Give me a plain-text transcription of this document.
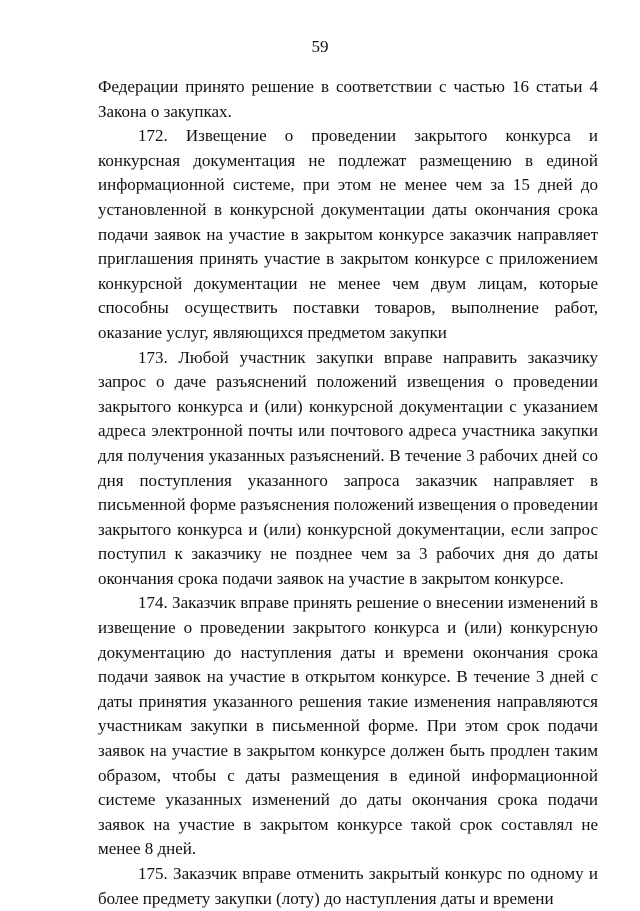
59

Федерации принято решение в соответствии с частью 16 статьи 4 Закона о закупках.

172. Извещение о проведении закрытого конкурса и конкурсная документация не подлежат размещению в единой информационной системе, при этом не менее чем за 15 дней до установленной в конкурсной документации даты окончания срока подачи заявок на участие в закрытом конкурсе заказчик направляет приглашения принять участие в закрытом конкурсе с приложением конкурсной документации не менее чем двум лицам, которые способны осуществить поставки товаров, выполнение работ, оказание услуг, являющихся предметом закупки

173. Любой участник закупки вправе направить заказчику запрос о даче разъяснений положений извещения о проведении закрытого конкурса и (или) конкурсной документации с указанием адреса электронной почты или почтового адреса участника закупки для получения указанных разъяснений. В течение 3 рабочих дней со дня поступления указанного запроса заказчик направляет в письменной форме разъяснения положений извещения о проведении закрытого конкурса и (или) конкурсной документации, если запрос поступил к заказчику не позднее чем за 3 рабочих дня до даты окончания срока подачи заявок на участие в закрытом конкурсе.

174. Заказчик вправе принять решение о внесении изменений в извещение о проведении закрытого конкурса и (или) конкурсную документацию до наступления даты и времени окончания срока подачи заявок на участие в открытом конкурсе. В течение 3 дней с даты принятия указанного решения такие изменения направляются участникам закупки в письменной форме. При этом срок подачи заявок на участие в закрытом конкурсе должен быть продлен таким образом, чтобы с даты размещения в единой информационной системе указанных изменений до даты окончания срока подачи заявок на участие в закрытом конкурсе такой срок составлял не менее 8 дней.

175. Заказчик вправе отменить закрытый конкурс по одному и более предмету закупки (лоту) до наступления даты и времени
